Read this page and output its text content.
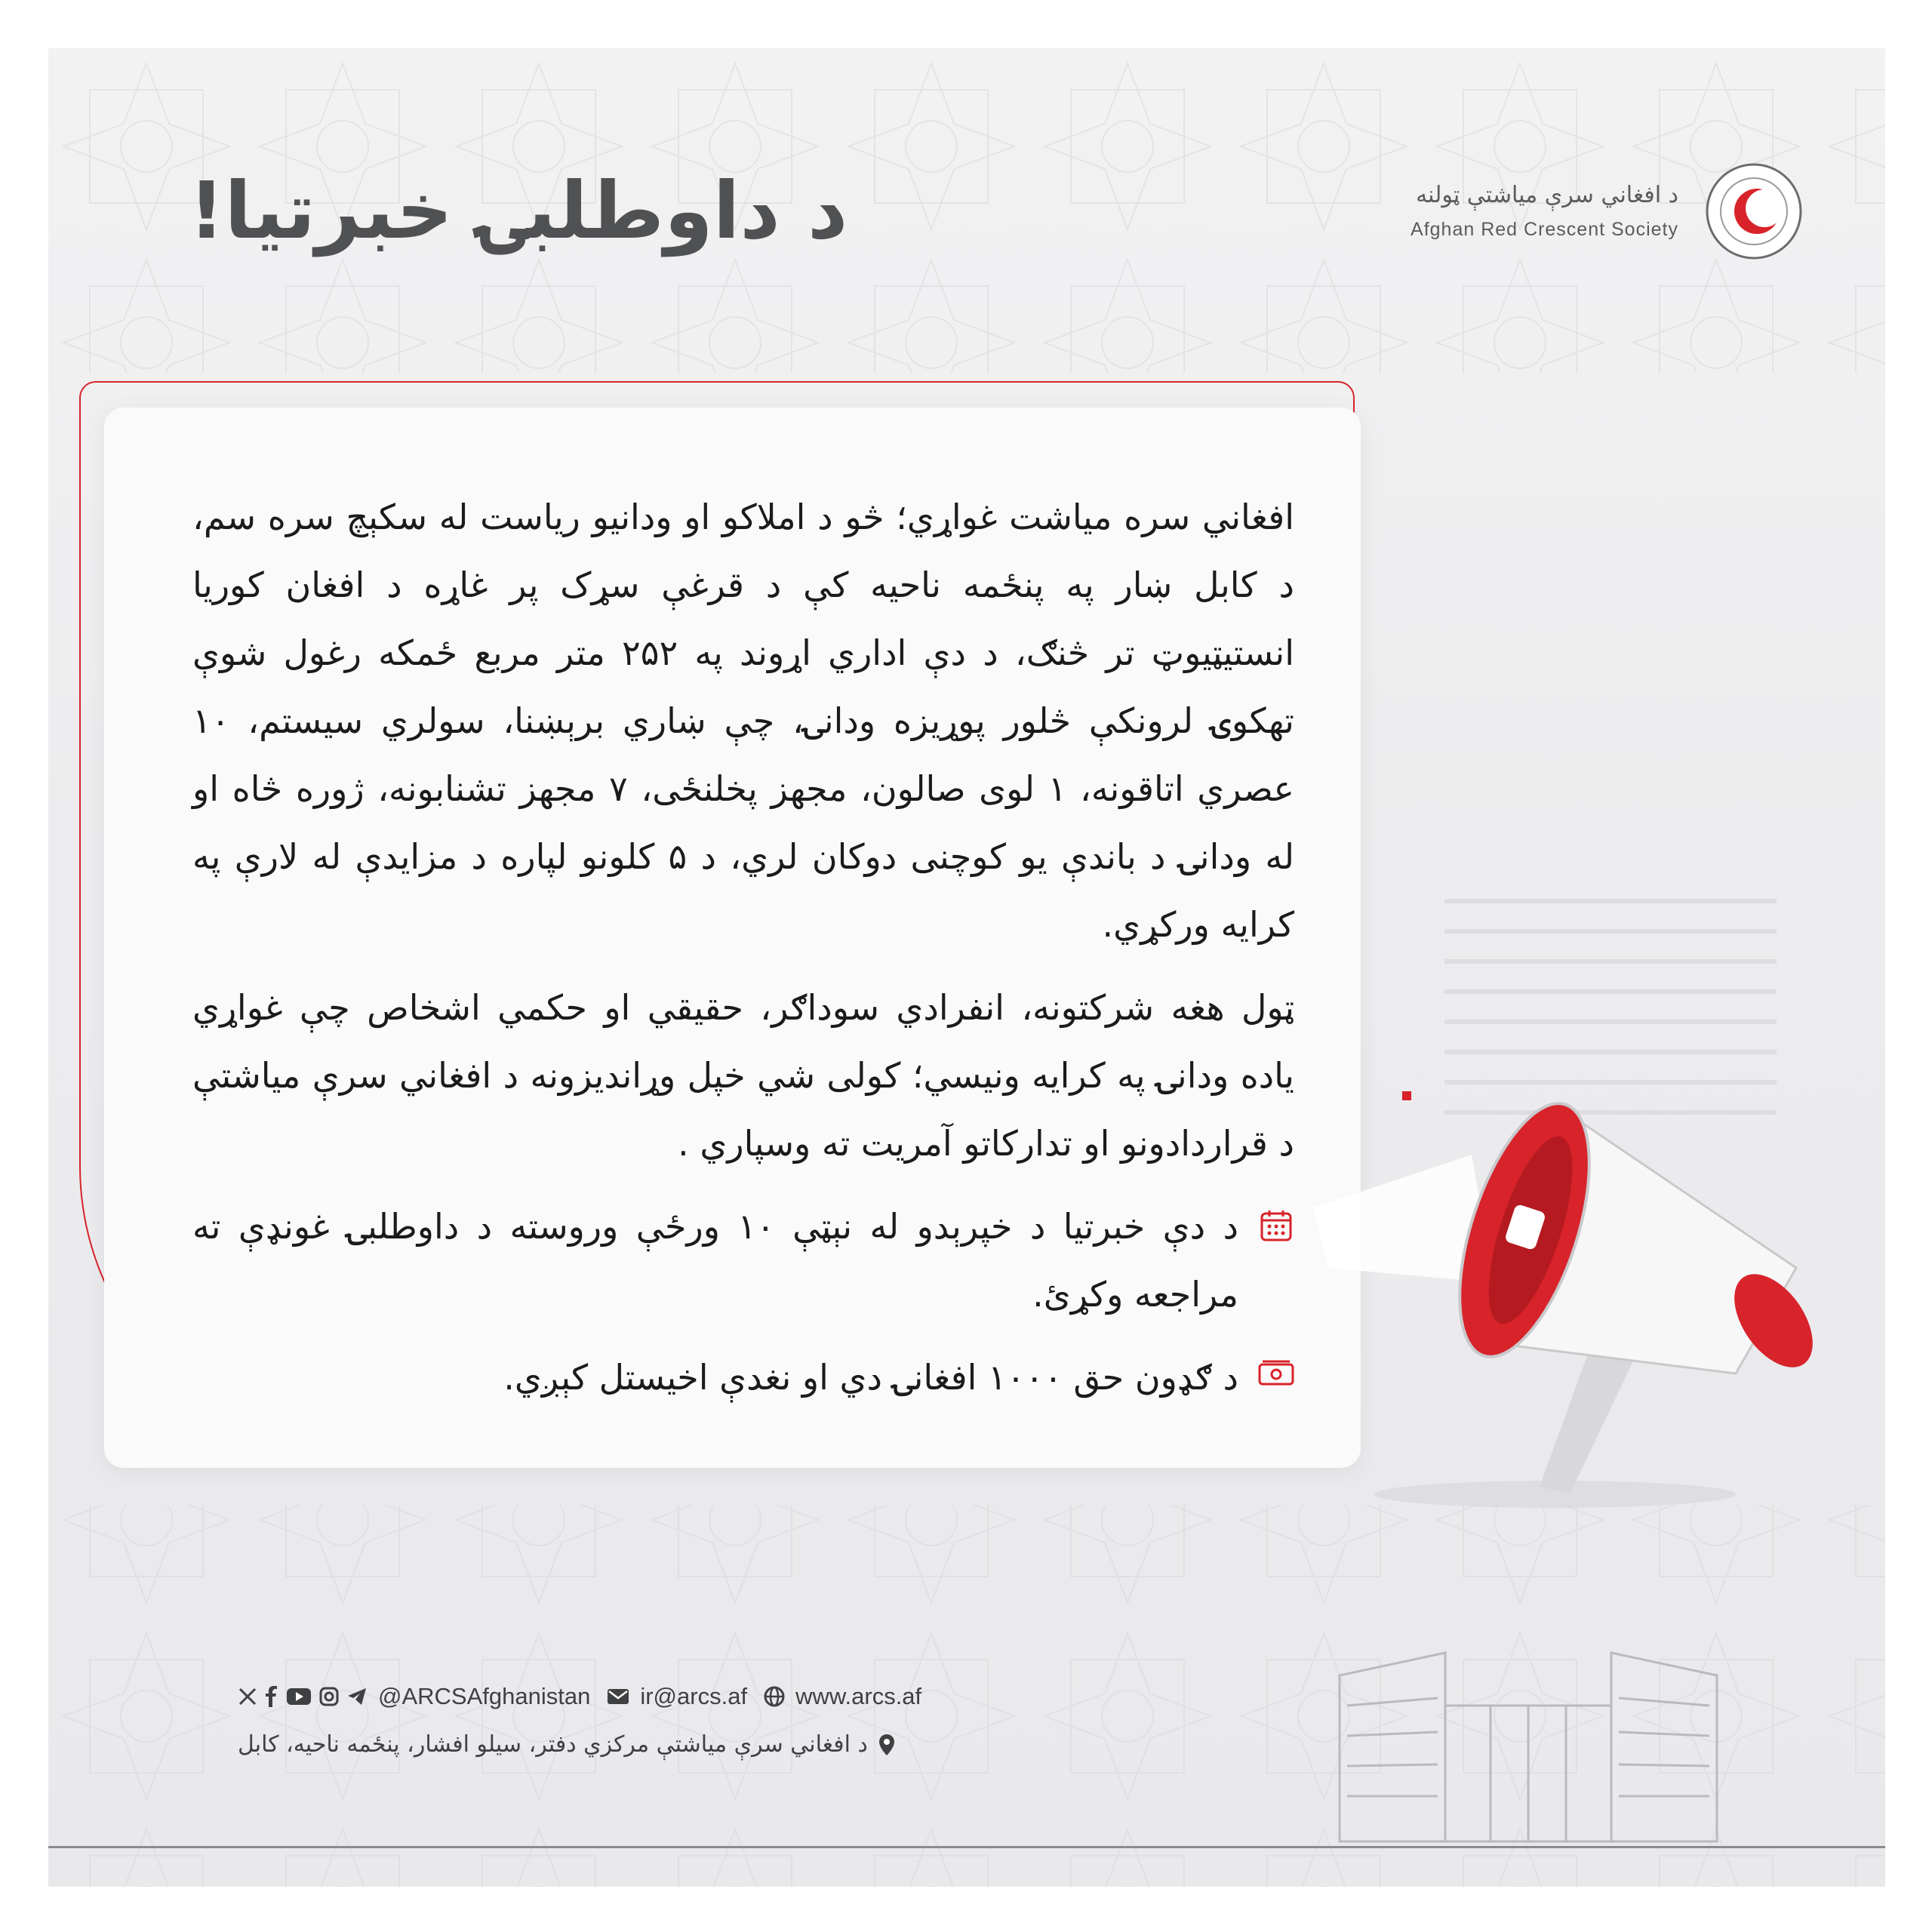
د داوطلبۍ خبرتیا!	د افغاني سرې میاشتې ټولنه
Afghan Red Crescent Society

افغاني سره میاشت غواړي؛ څو د املاکو او ودانیو ریاست له سکېچ سره سم، د کابل ښار په پنځمه ناحیه کې د قرغې سړک پر غاړه د افغان کوریا انستیټیوټ تر څنګ، د دې اداري اړوند په ۲۵۲ متر مربع ځمکه رغول شوې تهکوۍ لرونکې څلور پوړیزه ودانۍ، چې ښاري برېښنا، سولري سیستم، ۱۰ عصري اتاقونه، ۱ لوی صالون، مجهز پخلنځی، ۷ مجهز تشنابونه، ژوره څاه او له ودانۍ د باندې یو کوچنی دوکان لري، د ۵ کلونو لپاره د مزایدې له لارې په کرایه ورکړي.

ټول هغه شرکتونه، انفرادي سوداګر، حقیقي او حکمي اشخاص چې غواړي یاده ودانۍ په کرایه ونیسي؛ کولی شي خپل وړاندیزونه د افغاني سرې میاشتې د قراردادونو او تدارکاتو آمریت ته وسپاري .

د دې خبرتیا د خپرېدو له نېټې ۱۰ ورځې وروسته د داوطلبۍ غونډې ته مراجعه وکړئ.
د ګډون حق ۱۰۰۰ افغانۍ دي او نغدې اخیستل کېږي.
@ARCSAfghanistan ir@arcs.af www.arcs.af
د افغاني سرې میاشتې مرکزي دفتر، سیلو افشار، پنځمه ناحیه، کابل
